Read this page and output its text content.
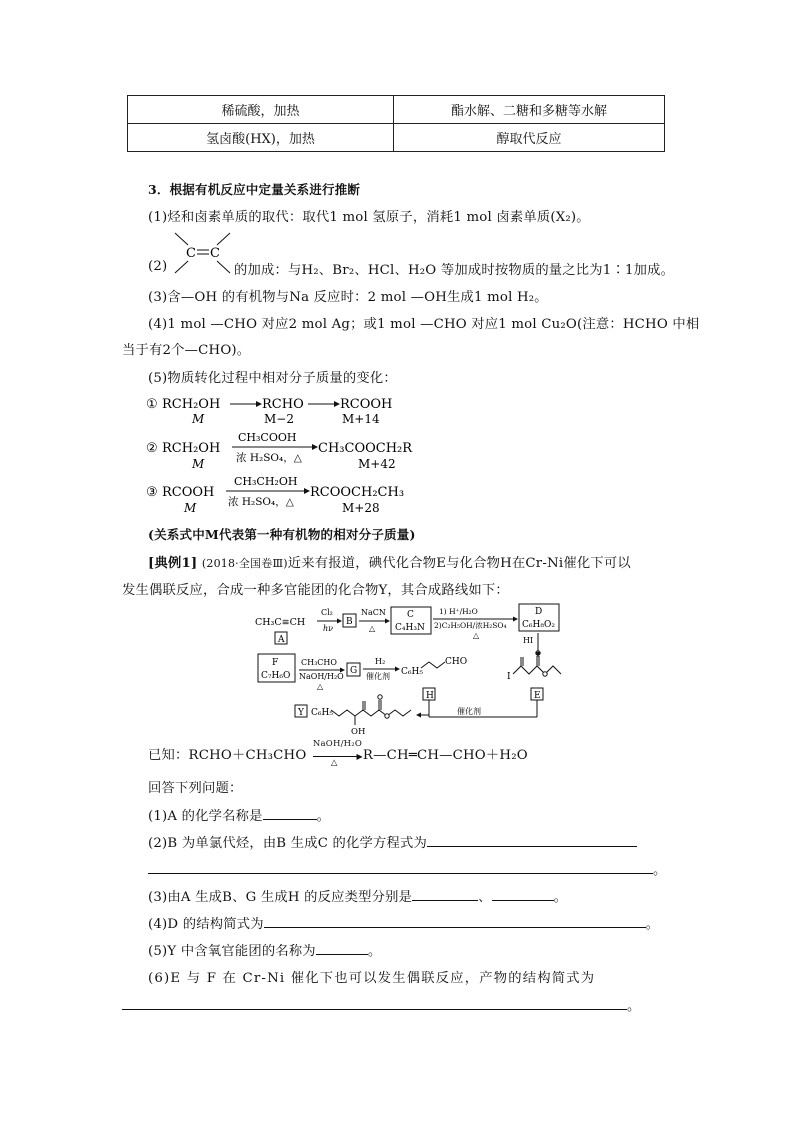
稀硫酸，加热	酯水解、二糖和多糖等水解
氢卤酸(HX)，加热	醇取代反应
3．根据有机反应中定量关系进行推断
(1)烃和卤素单质的取代：取代1 mol 氢原子，消耗1 mol 卤素单质(X₂)。
C C
(2)	的加成：与H₂、Br₂、HCl、H₂O 等加成时按物质的量之比为1∶1加成。
(3)含—OH 的有机物与Na 反应时：2 mol —OH生成1 mol H₂。
(4)1 mol —CHO 对应2 mol Ag；或1 mol —CHO 对应1 mol Cu₂O(注意：HCHO 中相
当于有2个—CHO)。
(5)物质转化过程中相对分子质量的变化：
① RCH₂OH	RCHO	RCOOH
M	M−2	M+14
② RCH₂OH
CH₃COOH
浓 H₂SO₄，△
CH₃COOCH₂R
M	M+42
③ RCOOH
CH₃CH₂OH
浓 H₂SO₄，△
RCOOCH₂CH₃
M	M+28
(关系式中M代表第一种有机物的相对分子质量)
[典例1] (2018·全国卷Ⅲ)近来有报道，碘代化合物E与化合物H在Cr-Ni催化下可以
发生偶联反应，合成一种多官能团的化合物Y，其合成路线如下：
CH₃C≡CH
A
Cl₂
hν
B
NaCN
△
C
C₄H₃N
1) H⁺/H₂O
2)C₂H₅OH/浓H₂SO₄
△
D
C₆H₈O₂
HI
F
C₇H₆O
CH₃CHO
NaOH/H₂O
△
G
H₂
催化剂 C₆H₅
CHO
I
H	E
催化剂
Y C₆H₅
OH
已知：RCHO＋CH₃CHO
NaOH/H₂O
▶
△ R—CH═CH—CHO＋H₂O
回答下列问题：
(1)A 的化学名称是	。
(2)B 为单氯代烃，由B 生成C 的化学方程式为
。
(3)由A 生成B、G 生成H 的反应类型分别是	、	。
(4)D 的结构简式为	。
(5)Y 中含氧官能团的名称为	。
(6)E 与 F 在 Cr-Ni 催化下也可以发生偶联反应，产物的结构简式为
。
